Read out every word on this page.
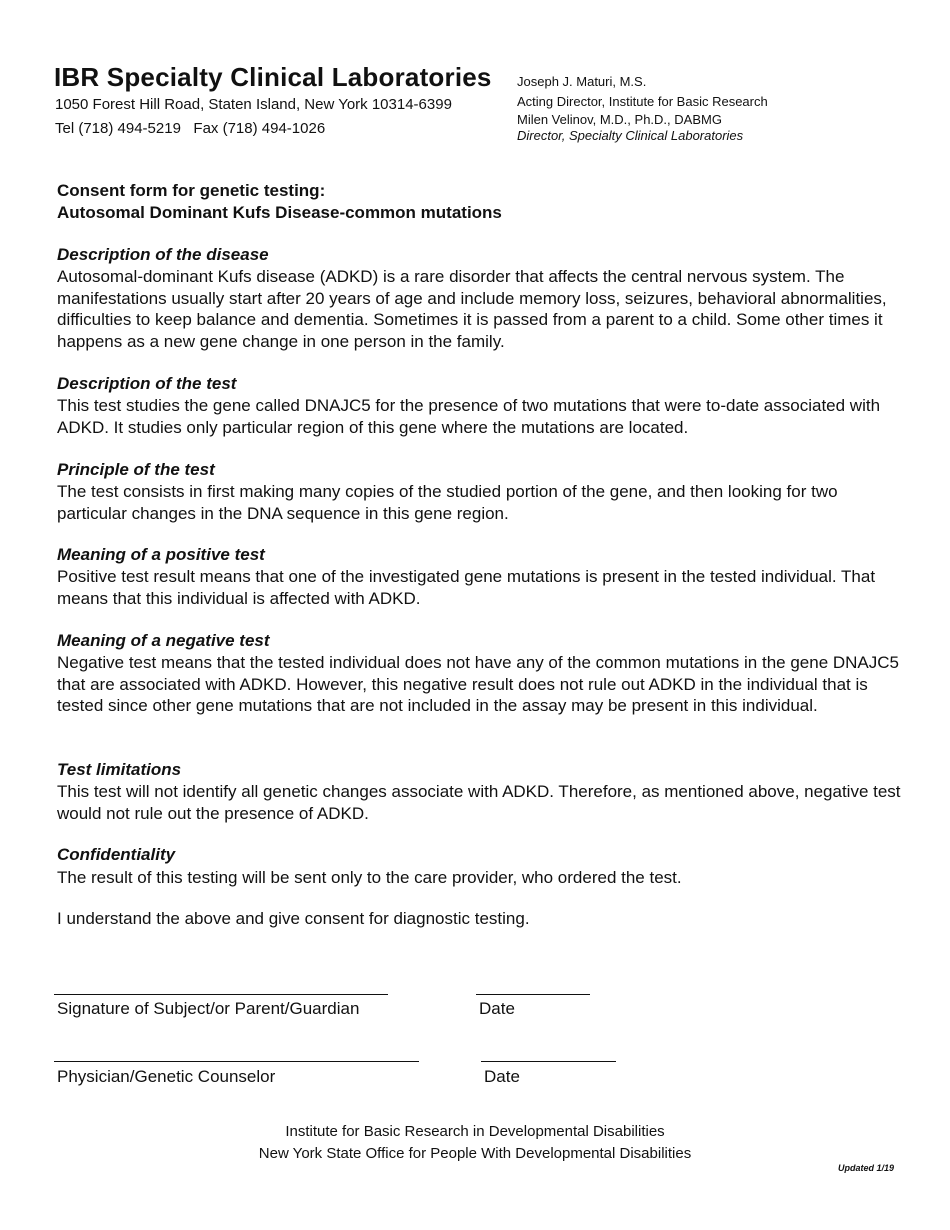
IBR Specialty Clinical Laboratories
1050 Forest Hill Road, Staten Island, New York 10314-6399
Tel (718) 494-5219   Fax (718) 494-1026
Joseph J. Maturi, M.S.
Acting Director, Institute for Basic Research
Milen Velinov, M.D., Ph.D., DABMG
Director, Specialty Clinical Laboratories
Consent form for genetic testing:
Autosomal Dominant Kufs Disease-common mutations
Description of the disease

Autosomal-dominant Kufs disease (ADKD) is a rare disorder that affects the central nervous system. The manifestations usually start after 20 years of age and include memory loss, seizures, behavioral abnormalities, difficulties to keep balance and dementia. Sometimes it is passed from a parent to a child. Some other times it happens as a new gene change in one person in the family.

Description of the test

This test studies the gene called DNAJC5 for the presence of two mutations that were to-date associated with ADKD. It studies only particular region of this gene where the mutations are located.

Principle of the test

The test consists in first making many copies of the studied portion of the gene, and then looking for two particular changes in the DNA sequence in this gene region.

Meaning of a positive test

Positive test result means that one of the investigated gene mutations is present in the tested individual. That means that this individual is affected with ADKD.

Meaning of a negative test

Negative test means that the tested individual does not have any of the common mutations in the gene DNAJC5 that are associated with ADKD. However, this negative result does not rule out ADKD in the individual that is tested since other gene mutations that are not included in the assay may be present in this individual.

Test limitations

This test will not identify all genetic changes associate with ADKD. Therefore, as mentioned above, negative test would not rule out the presence of ADKD.

Confidentiality

The result of this testing will be sent only to the care provider, who ordered the test.

I understand the above and give consent for diagnostic testing.
Signature of Subject/or Parent/Guardian	Date
Physician/Genetic Counselor	Date
Institute for Basic Research in Developmental Disabilities
New York State Office for People With Developmental Disabilities
Updated 1/19
